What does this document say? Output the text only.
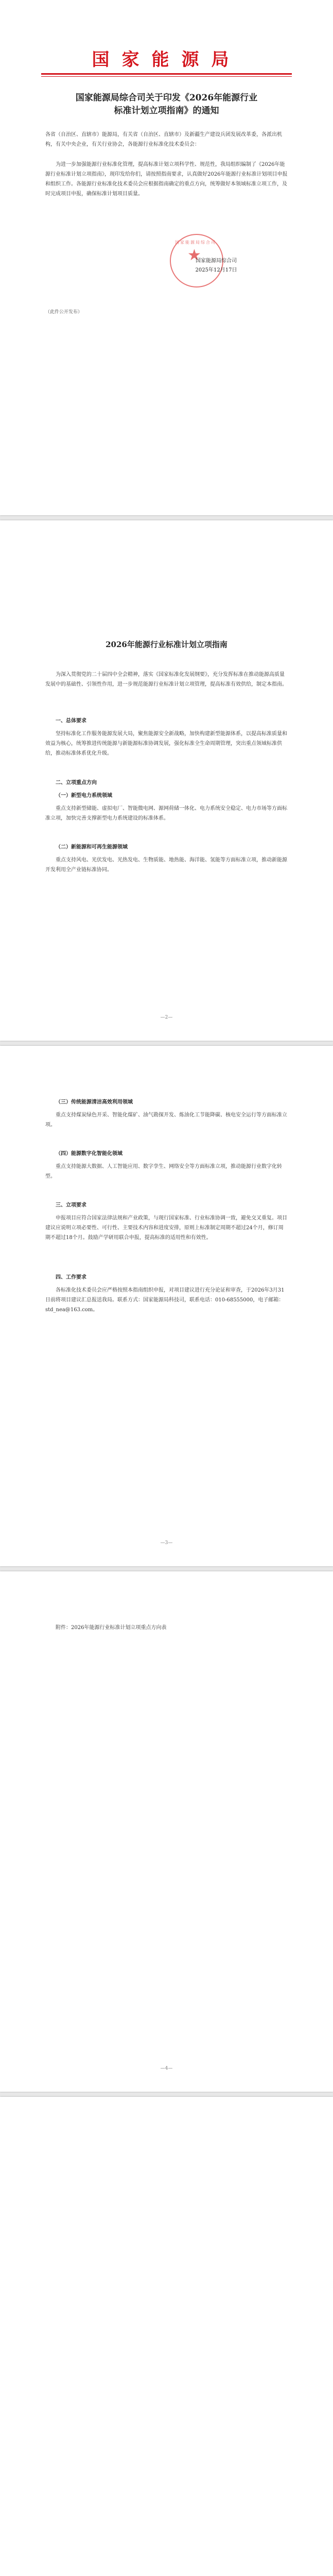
国家能源局
国家能源局综合司关于印发《2026年能源行业
标准计划立项指南》的通知
各省（自治区、直辖市）能源局，有关省（自治区、直辖市）及新疆生产建设兵团发展改革委，各派出机构，有关中央企业，有关行业协会，各能源行业标准化技术委员会：
为进一步加强能源行业标准化管理，提高标准计划立项科学性、规范性，我局组织编制了《2026年能源行业标准计划立项指南》，现印发给你们，请按照指南要求，认真做好2026年能源行业标准计划项目申报和组织工作。各能源行业标准化技术委员会应根据指南确定的重点方向，统筹做好本领域标准立项工作，及时完成项目申报，确保标准计划项目质量。
国家能源局综合司
★
国家能源局综合司
2025年12月17日
（此件公开发布）
2026年能源行业标准计划立项指南
为深入贯彻党的二十届四中全会精神，落实《国家标准化发展纲要》，充分发挥标准在推动能源高质量发展中的基础性、引领性作用，进一步规范能源行业标准计划立项管理，提高标准有效供给，制定本指南。
一、总体要求
坚持标准化工作服务能源发展大局，聚焦能源安全新战略，加快构建新型能源体系，以提高标准质量和效益为核心，统筹推进传统能源与新能源标准协调发展，强化标准全生命周期管理，突出重点领域标准供给，推动标准体系优化升级。
二、立项重点方向
（一）新型电力系统领域
重点支持新型储能、虚拟电厂、智能微电网、源网荷储一体化、电力系统安全稳定、电力市场等方面标准立项，加快完善支撑新型电力系统建设的标准体系。
（二）新能源和可再生能源领域
重点支持风电、光伏发电、光热发电、生物质能、地热能、海洋能、氢能等方面标准立项，推动新能源开发利用全产业链标准协同。
—2—
（三）传统能源清洁高效利用领域
重点支持煤炭绿色开采、智能化煤矿、油气勘探开发、炼油化工节能降碳、核电安全运行等方面标准立项。
（四）能源数字化智能化领域
重点支持能源大数据、人工智能应用、数字孪生、网络安全等方面标准立项，推动能源行业数字化转型。
三、立项要求
申报项目应符合国家法律法规和产业政策，与现行国家标准、行业标准协调一致，避免交叉重复。项目建议应说明立项必要性、可行性、主要技术内容和进度安排，原则上标准制定周期不超过24个月，修订周期不超过18个月。鼓励产学研用联合申报，提高标准的适用性和有效性。
四、工作要求
各标准化技术委员会应严格按照本指南组织申报，对项目建议进行充分论证和审查，于2026年3月31日前将项目建议汇总报送我局。联系方式：国家能源局科技司，联系电话：010-68555000，电子邮箱：std_nea@163.com。
—3—
附件：2026年能源行业标准计划立项重点方向表
—4—
